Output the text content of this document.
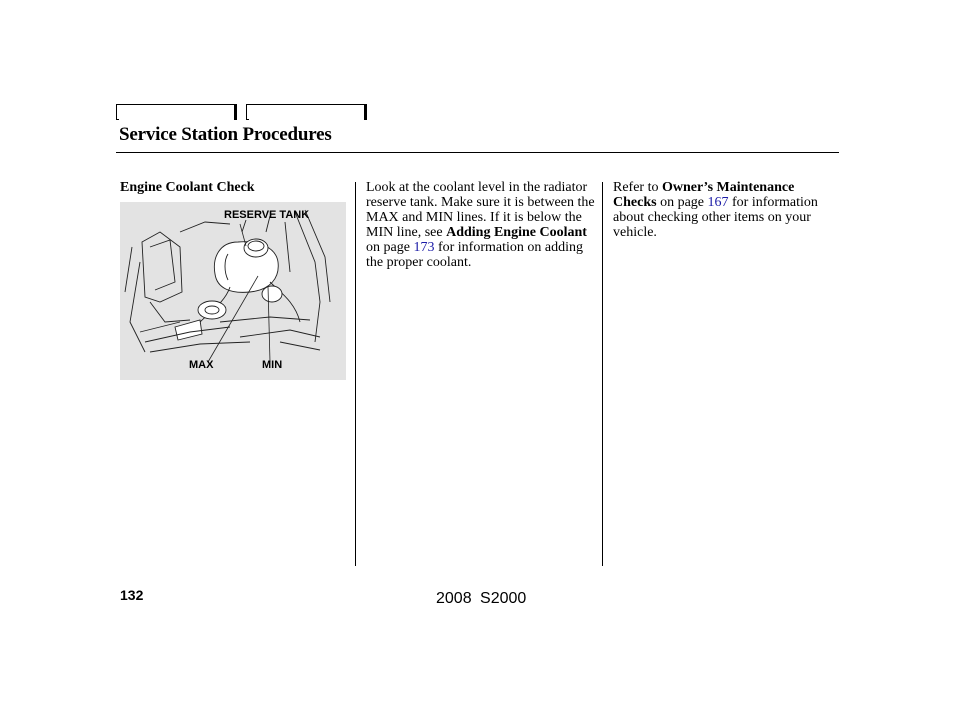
Service Station Procedures
Engine Coolant Check
RESERVE TANK
MAX	MIN
Look at the coolant level in the radiator reserve tank. Make sure it is between the MAX and MIN lines. If it is below the MIN line, see Adding Engine Coolant on page 173 for information on adding the proper coolant.
Refer to Owner’s Maintenance Checks on page 167 for information about checking other items on your vehicle.
132	2008 S2000
